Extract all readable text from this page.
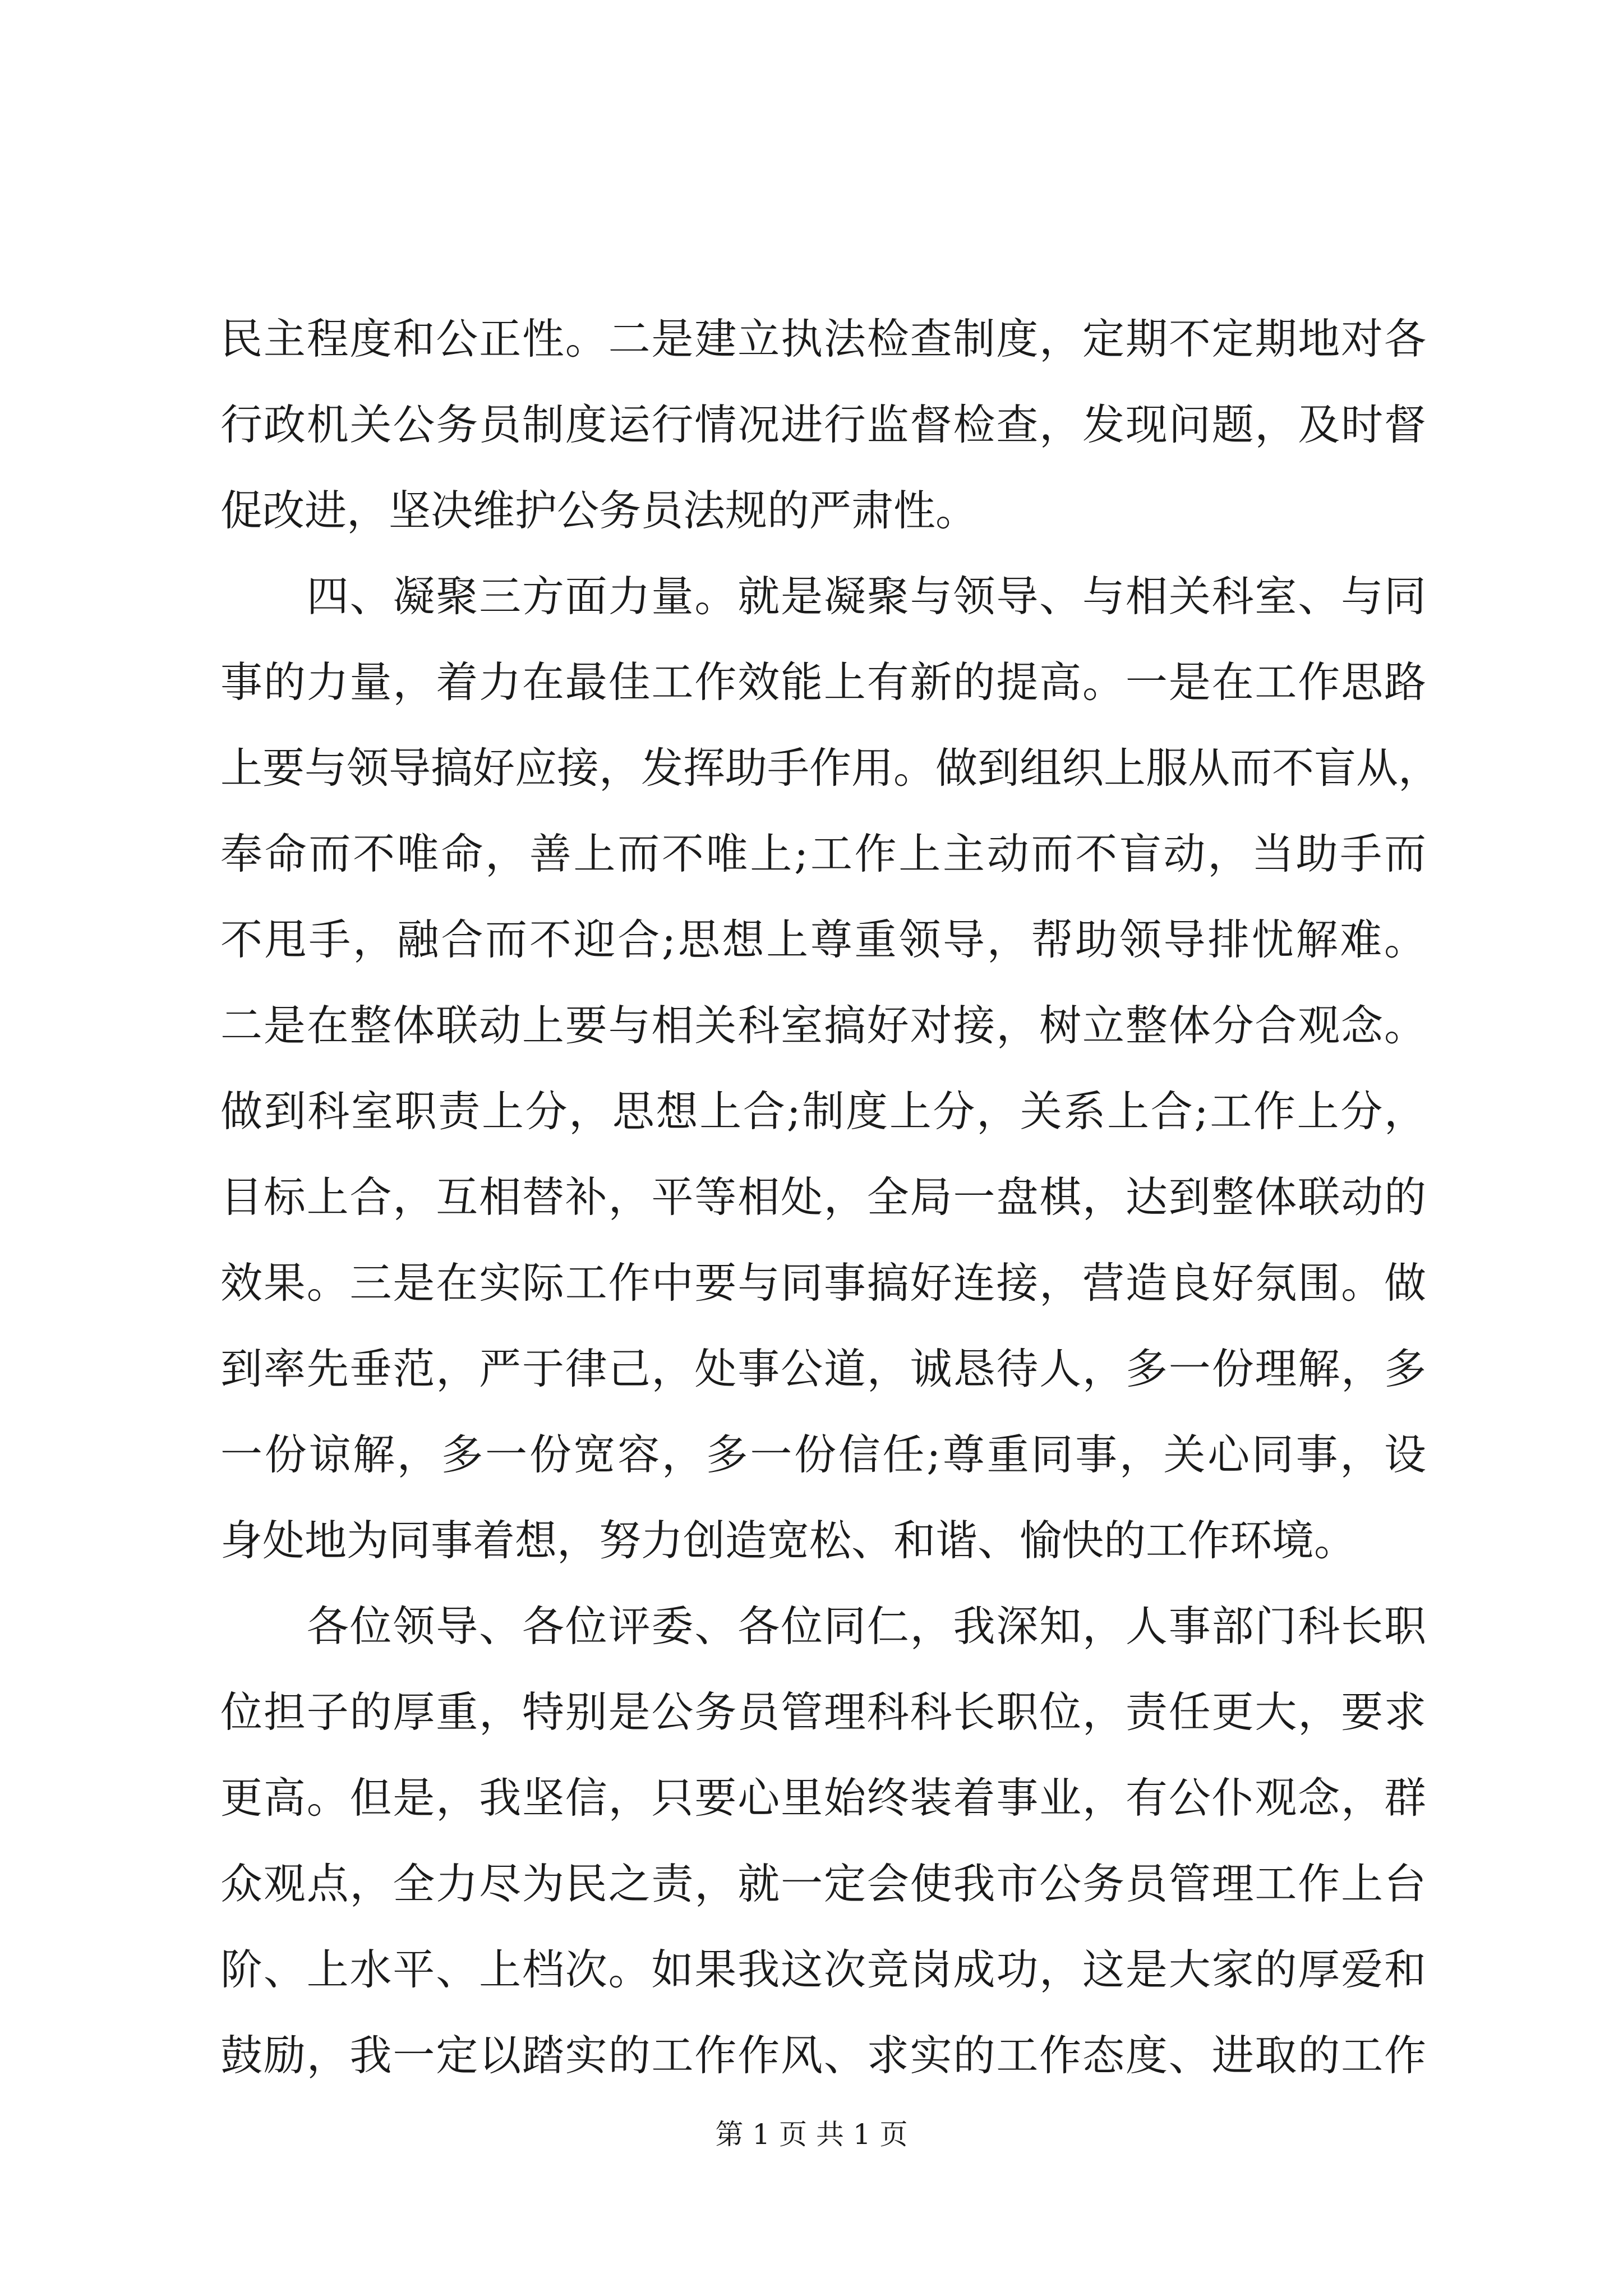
民主程度和公正性。二是建立执法检查制度，定期不定期地对各
行政机关公务员制度运行情况进行监督检查，发现问题，及时督
促改进，坚决维护公务员法规的严肃性。
　　四、凝聚三方面力量。就是凝聚与领导、与相关科室、与同
事的力量，着力在最佳工作效能上有新的提高。一是在工作思路
上要与领导搞好应接，发挥助手作用。做到组织上服从而不盲从，
奉命而不唯命，善上而不唯上;工作上主动而不盲动，当助手而
不甩手，融合而不迎合;思想上尊重领导，帮助领导排忧解难。
二是在整体联动上要与相关科室搞好对接，树立整体分合观念。
做到科室职责上分，思想上合;制度上分，关系上合;工作上分，
目标上合，互相替补，平等相处，全局一盘棋，达到整体联动的
效果。三是在实际工作中要与同事搞好连接，营造良好氛围。做
到率先垂范，严于律己，处事公道，诚恳待人，多一份理解，多
一份谅解，多一份宽容，多一份信任;尊重同事，关心同事，设
身处地为同事着想，努力创造宽松、和谐、愉快的工作环境。
　　各位领导、各位评委、各位同仁，我深知，人事部门科长职
位担子的厚重，特别是公务员管理科科长职位，责任更大，要求
更高。但是，我坚信，只要心里始终装着事业，有公仆观念，群
众观点，全力尽为民之责，就一定会使我市公务员管理工作上台
阶、上水平、上档次。如果我这次竞岗成功，这是大家的厚爱和
鼓励，我一定以踏实的工作作风、求实的工作态度、进取的工作
第 1 页 共 1 页
